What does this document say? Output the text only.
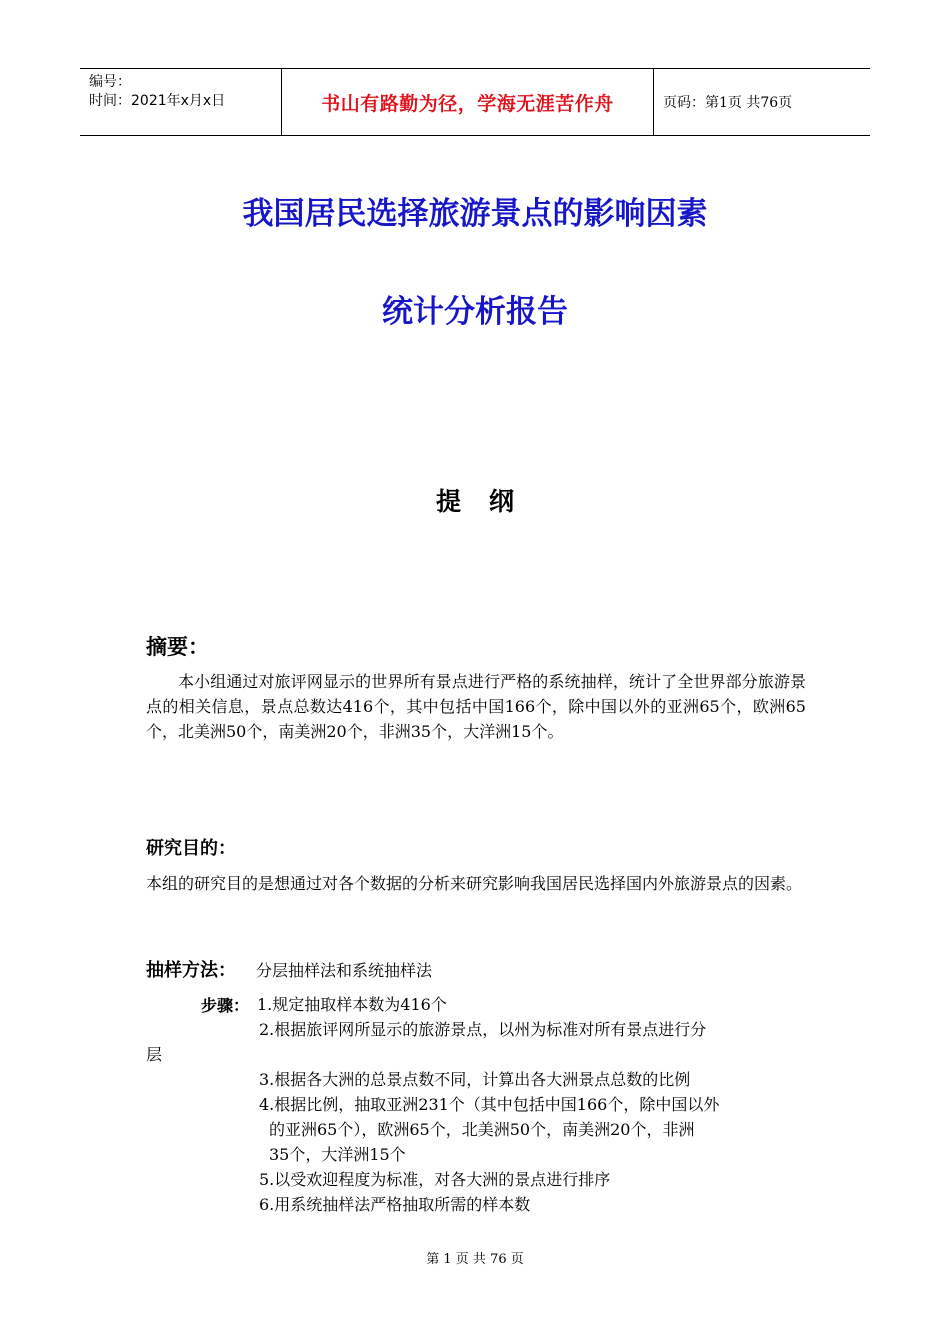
编号：
时间：2021年x月x日	书山有路勤为径，学海无涯苦作舟	页码：第1页 共76页
我国居民选择旅游景点的影响因素
统计分析报告
提纲
摘要：
本小组通过对旅评网显示的世界所有景点进行严格的系统抽样，统计了全世界部分旅游景点的相关信息，景点总数达416个，其中包括中国166个，除中国以外的亚洲65个，欧洲65个，北美洲50个，南美洲20个，非洲35个，大洋洲15个。
研究目的：
本组的研究目的是想通过对各个数据的分析来研究影响我国居民选择国内外旅游景点的因素。
抽样方法： 分层抽样法和系统抽样法
步骤： 1.规定抽取样本数为416个
2.根据旅评网所显示的旅游景点，以州为标准对所有景点进行分
层
3.根据各大洲的总景点数不同，计算出各大洲景点总数的比例
4.根据比例，抽取亚洲231个（其中包括中国166个，除中国以外
的亚洲65个），欧洲65个，北美洲50个，南美洲20个，非洲
35个，大洋洲15个
5.以受欢迎程度为标准，对各大洲的景点进行排序
6.用系统抽样法严格抽取所需的样本数
第 1 页 共 76 页
